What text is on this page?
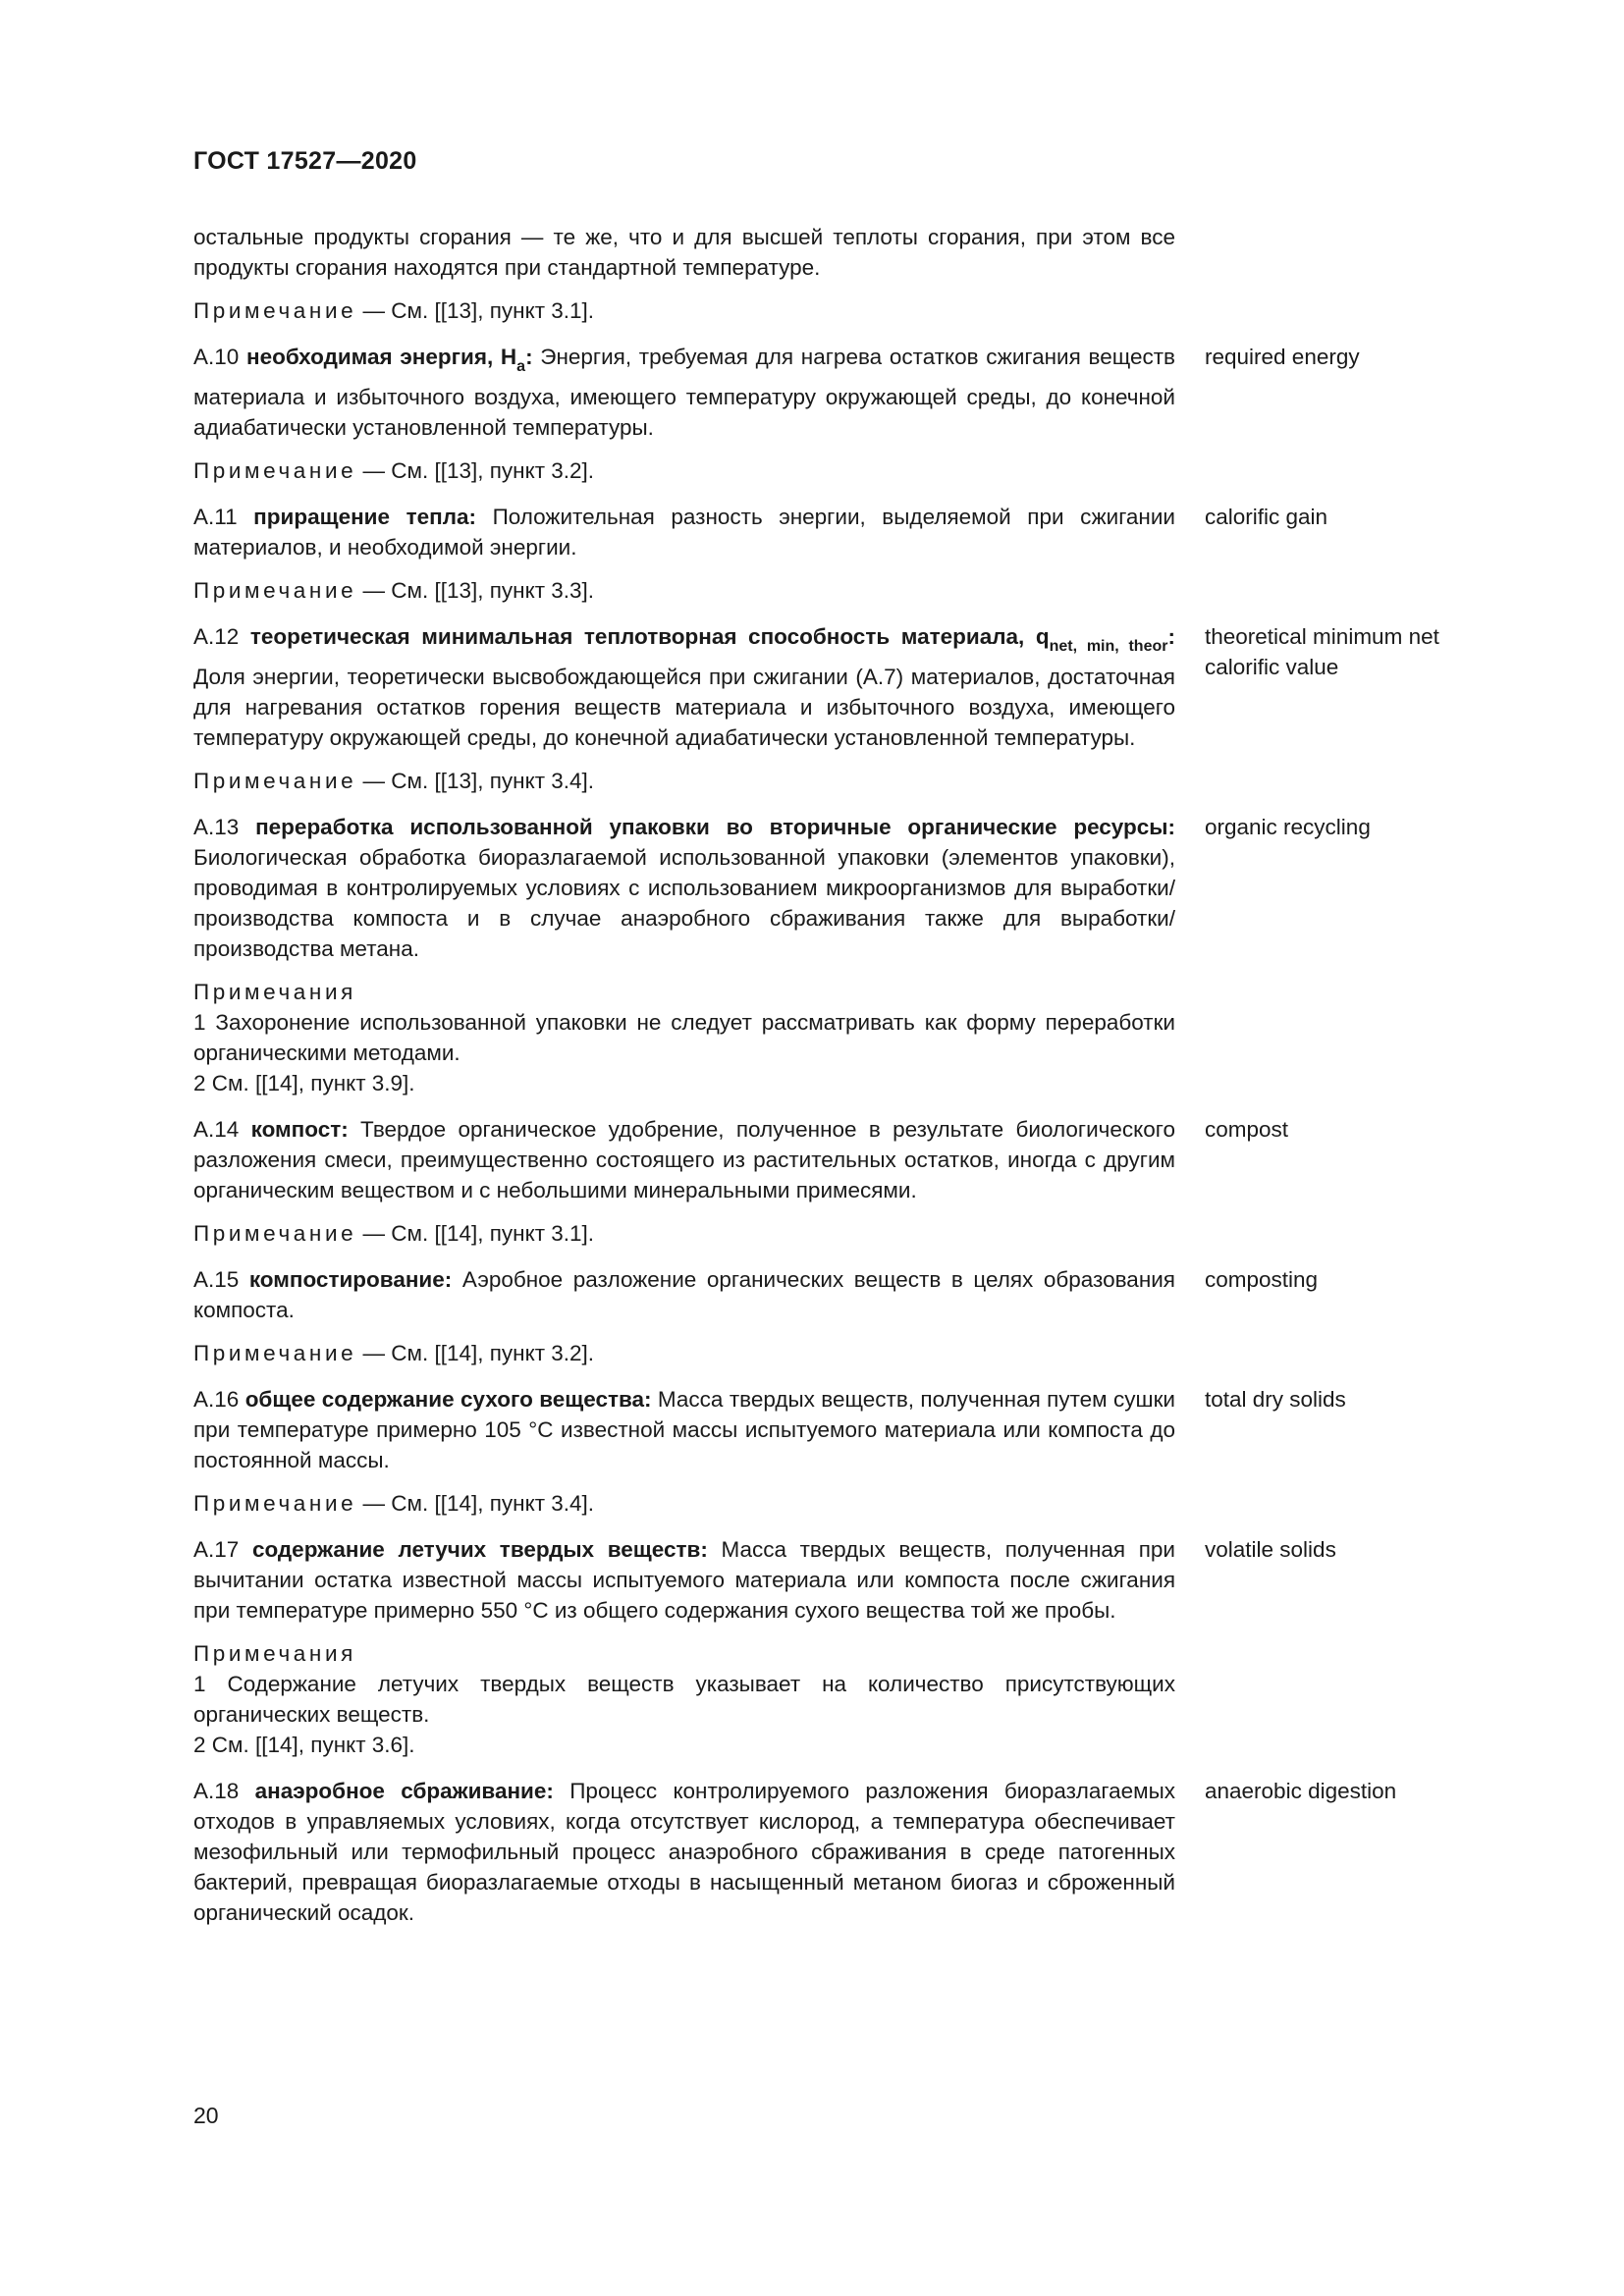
ГОСТ 17527—2020
остальные продукты сгорания — те же, что и для высшей теплоты сгорания, при этом все продукты сгорания находятся при стандартной температуре.
Примечание — См. [[13], пункт 3.1].
А.10 необходимая энергия, $H_a$: Энергия, требуемая для нагрева остатков сжигания веществ материала и избыточного воздуха, имеющего температуру окружающей среды, до конечной адиабатически установленной температуры.
required energy
Примечание — См. [[13], пункт 3.2].
А.11 приращение тепла: Положительная разность энергии, выделяемой при сжигании материалов, и необходимой энергии.
calorific gain
Примечание — См. [[13], пункт 3.3].
А.12 теоретическая минимальная теплотворная способность материала, $q_{net, min, theor}$: Доля энергии, теоретически высвобождающейся при сжигании (А.7) материалов, достаточная для нагревания остатков горения веществ материала и избыточного воздуха, имеющего температуру окружающей среды, до конечной адиабатически установленной температуры.
theoretical minimum net calorific value
Примечание — См. [[13], пункт 3.4].
А.13 переработка использованной упаковки во вторичные органические ресурсы: Биологическая обработка биоразлагаемой использованной упаковки (элементов упаковки), проводимая в контролируемых условиях с использованием микроорганизмов для выработки/производства компоста и в случае анаэробного сбраживания также для выработки/производства метана.
organic recycling
Примечания
1 Захоронение использованной упаковки не следует рассматривать как форму переработки органическими методами.
2 См. [[14], пункт 3.9].
А.14 компост: Твердое органическое удобрение, полученное в результате биологического разложения смеси, преимущественно состоящего из растительных остатков, иногда с другим органическим веществом и с небольшими минеральными примесями.
compost
Примечание — См. [[14], пункт 3.1].
А.15 компостирование: Аэробное разложение органических веществ в целях образования компоста.
composting
Примечание — См. [[14], пункт 3.2].
А.16 общее содержание сухого вещества: Масса твердых веществ, полученная путем сушки при температуре примерно 105 °C известной массы испытуемого материала или компоста до постоянной массы.
total dry solids
Примечание — См. [[14], пункт 3.4].
А.17 содержание летучих твердых веществ: Масса твердых веществ, полученная при вычитании остатка известной массы испытуемого материала или компоста после сжигания при температуре примерно 550 °C из общего содержания сухого вещества той же пробы.
volatile solids
Примечания
1 Содержание летучих твердых веществ указывает на количество присутствующих органических веществ.
2 См. [[14], пункт 3.6].
А.18 анаэробное сбраживание: Процесс контролируемого разложения биоразлагаемых отходов в управляемых условиях, когда отсутствует кислород, а температура обеспечивает мезофильный или термофильный процесс анаэробного сбраживания в среде патогенных бактерий, превращая биоразлагаемые отходы в насыщенный метаном биогаз и сброженный органический осадок.
anaerobic digestion
20
